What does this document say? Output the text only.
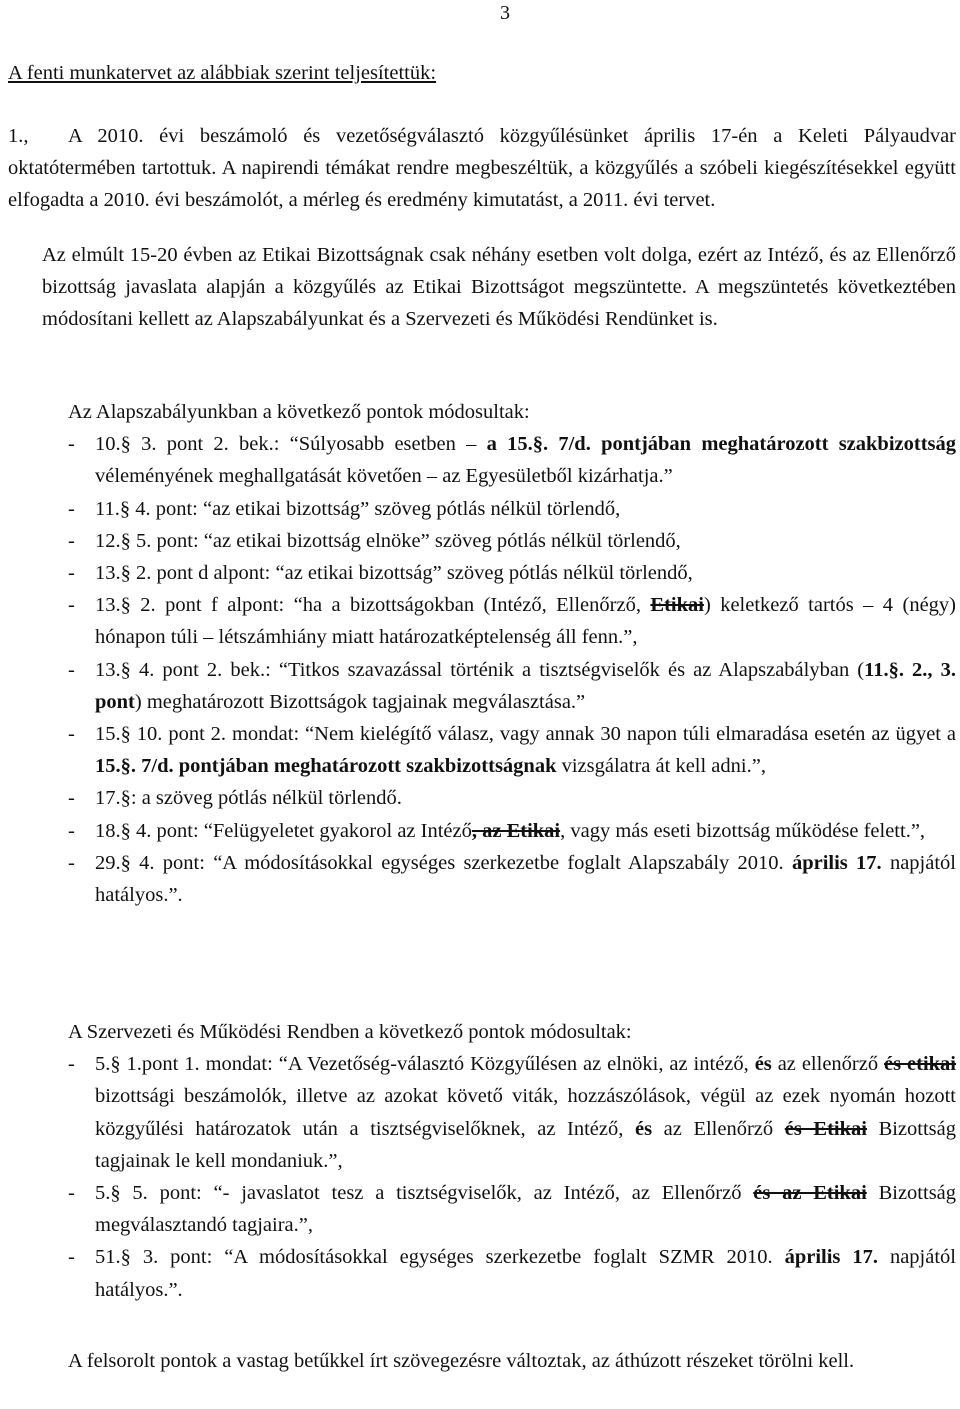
3

A fenti munkatervet az alábbiak szerint teljesítettük:

1., A 2010. évi beszámoló és vezetőségválasztó közgyűlésünket április 17-én a Keleti Pályaudvar oktatótermében tartottuk. A napirendi témákat rendre megbeszéltük, a közgyűlés a szóbeli kiegészítésekkel együtt elfogadta a 2010. évi beszámolót, a mérleg és eredmény kimutatást, a 2011. évi tervet.

Az elmúlt 15-20 évben az Etikai Bizottságnak csak néhány esetben volt dolga, ezért az Intéző, és az Ellenőrző bizottság javaslata alapján a közgyűlés az Etikai Bizottságot megszüntette. A megszüntetés következtében módosítani kellett az Alapszabályunkat és a Szervezeti és Működési Rendünket is.

Az Alapszabályunkban a következő pontok módosultak:
- 10.§ 3. pont 2. bek.: “Súlyosabb esetben – a 15.§. 7/d. pontjában meghatározott szakbizottság véleményének meghallgatását követően – az Egyesületből kizárhatja.”
- 11.§ 4. pont: “az etikai bizottság” szöveg pótlás nélkül törlendő,
- 12.§ 5. pont: “az etikai bizottság elnöke” szöveg pótlás nélkül törlendő,
- 13.§ 2. pont d alpont: “az etikai bizottság” szöveg pótlás nélkül törlendő,
- 13.§ 2. pont f alpont: “ha a bizottságokban (Intéző, Ellenőrző, Etikai) keletkező tartós – 4 (négy) hónapon túli – létszámhiány miatt határozatképtelenség áll fenn.”,
- 13.§ 4. pont 2. bek.: “Titkos szavazással történik a tisztségviselők és az Alapszabályban (11.§. 2., 3. pont) meghatározott Bizottságok tagjainak megválasztása.”
- 15.§ 10. pont 2. mondat: “Nem kielégítő válasz, vagy annak 30 napon túli elmaradása esetén az ügyet a 15.§. 7/d. pontjában meghatározott szakbizottságnak vizsgálatra át kell adni.”,
- 17.§: a szöveg pótlás nélkül törlendő.
- 18.§ 4. pont: “Felügyeletet gyakorol az Intéző, az Etikai, vagy más eseti bizottság működése felett.”,
- 29.§ 4. pont: “A módosításokkal egységes szerkezetbe foglalt Alapszabály 2010. április 17. napjától hatályos.”.
A Szervezeti és Működési Rendben a következő pontok módosultak:
- 5.§ 1.pont 1. mondat: “A Vezetőség-választó Közgyűlésen az elnöki, az intéző, és az ellenőrző és etikai bizottsági beszámolók, illetve az azokat követő viták, hozzászólások, végül az ezek nyomán hozott közgyűlési határozatok után a tisztségviselőknek, az Intéző, és az Ellenőrző és Etikai Bizottság tagjainak le kell mondaniuk.”,
- 5.§ 5. pont: “- javaslatot tesz a tisztségviselők, az Intéző, az Ellenőrző és az Etikai Bizottság megválasztandó tagjaira.”,
- 51.§ 3. pont: “A módosításokkal egységes szerkezetbe foglalt SZMR 2010. április 17. napjától hatályos.”.

A felsorolt pontok a vastag betűkkel írt szövegezésre változtak, az áthúzott részeket törölni kell.
